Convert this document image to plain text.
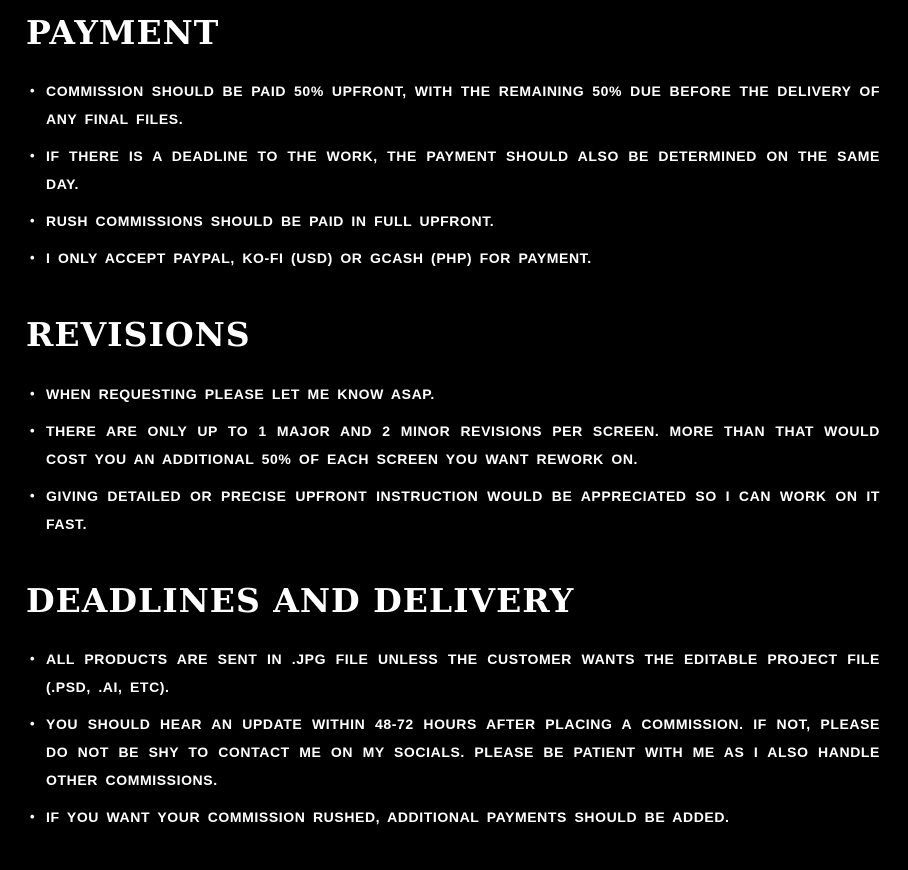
PAYMENT
• COMMISSION SHOULD BE PAID 50% UPFRONT, WITH THE REMAINING 50% DUE BEFORE THE DELIVERY OF ANY FINAL FILES.
• IF THERE IS A DEADLINE TO THE WORK, THE PAYMENT SHOULD ALSO BE DETERMINED ON THE SAME DAY.
• RUSH COMMISSIONS SHOULD BE PAID IN FULL UPFRONT.
• I ONLY ACCEPT PAYPAL, KO-FI (USD) OR GCASH (PHP) FOR PAYMENT.
REVISIONS
• WHEN REQUESTING PLEASE LET ME KNOW ASAP.
• THERE ARE ONLY UP TO 1 MAJOR AND 2 MINOR REVISIONS PER SCREEN. MORE THAN THAT WOULD COST YOU AN ADDITIONAL 50% OF EACH SCREEN YOU WANT REWORK ON.
• GIVING DETAILED OR PRECISE UPFRONT INSTRUCTION WOULD BE APPRECIATED SO I CAN WORK ON IT FAST.
DEADLINES AND DELIVERY
• ALL PRODUCTS ARE SENT IN .JPG FILE UNLESS THE CUSTOMER WANTS THE EDITABLE PROJECT FILE (.PSD, .AI, ETC).
• YOU SHOULD HEAR AN UPDATE WITHIN 48-72 HOURS AFTER PLACING A COMMISSION. IF NOT, PLEASE DO NOT BE SHY TO CONTACT ME ON MY SOCIALS. PLEASE BE PATIENT WITH ME AS I ALSO HANDLE OTHER COMMISSIONS.
• IF YOU WANT YOUR COMMISSION RUSHED, ADDITIONAL PAYMENTS SHOULD BE ADDED.
